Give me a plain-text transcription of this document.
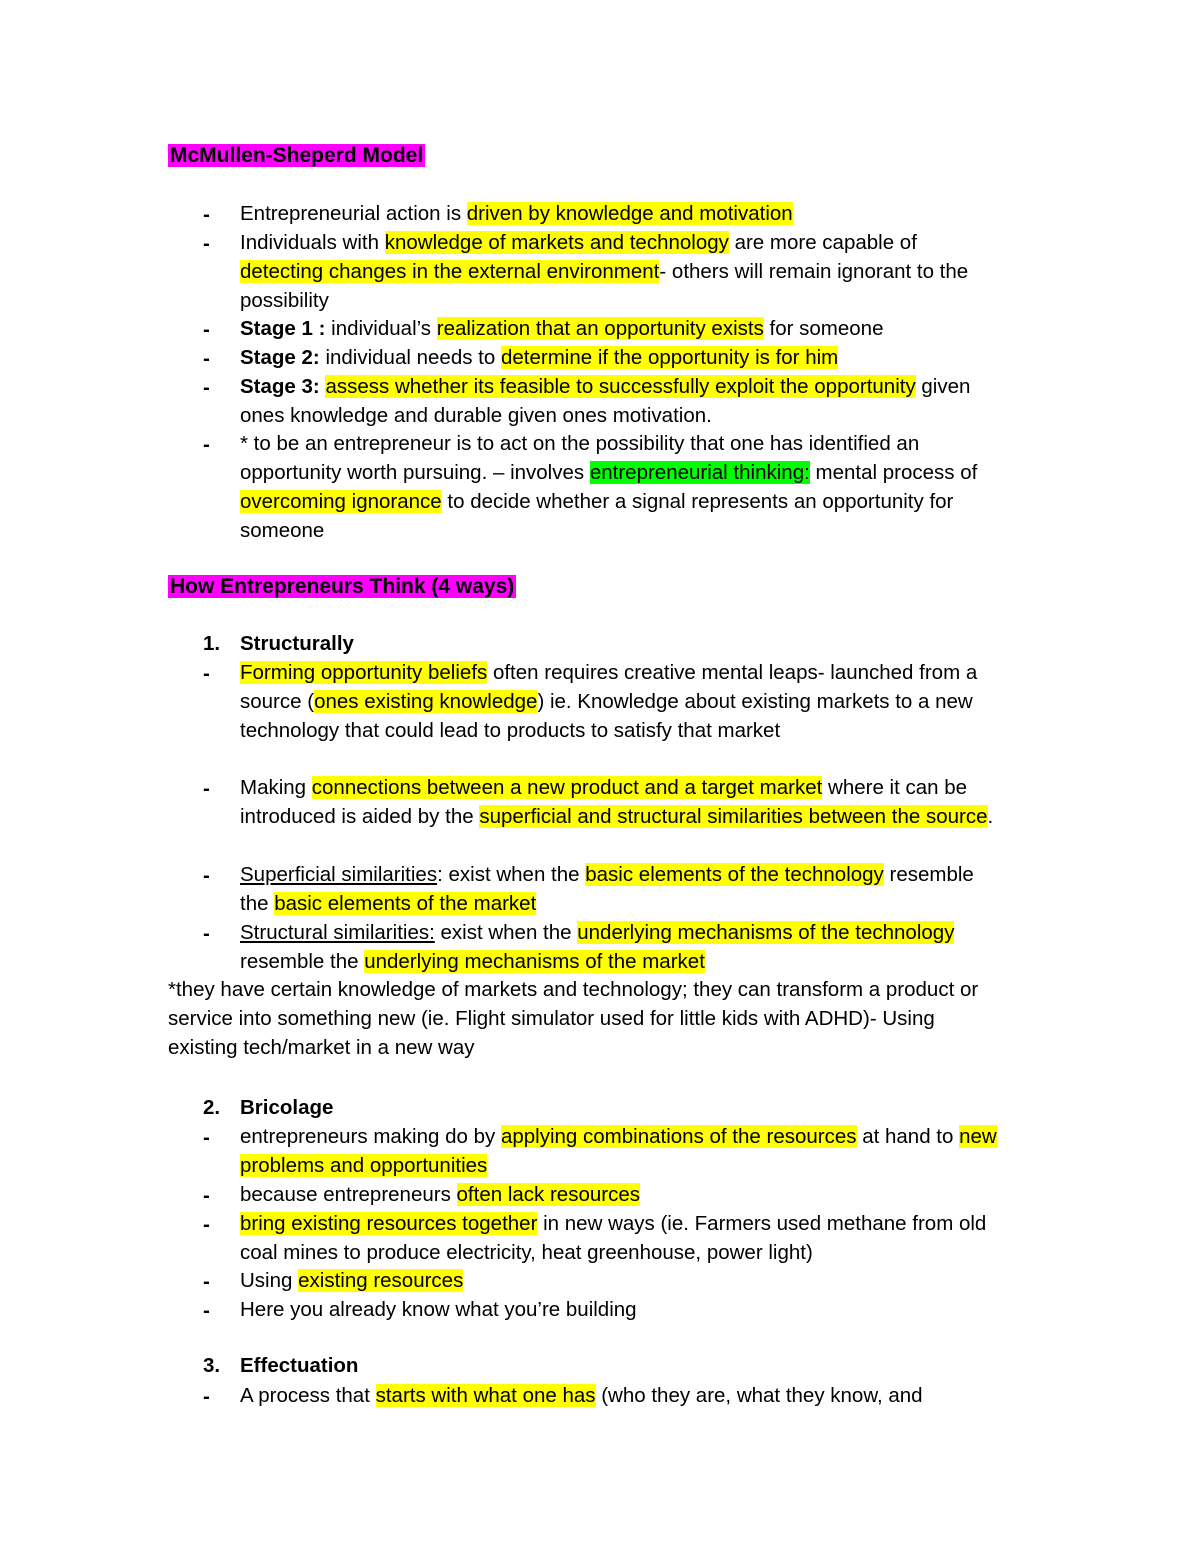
McMullen-Sheperd Model
-	Entrepreneurial action is driven by knowledge and motivation
-	Individuals with knowledge of markets and technology are more capable of detecting changes in the external environment- others will remain ignorant to the possibility
-	Stage 1 : individual’s realization that an opportunity exists for someone
-	Stage 2: individual needs to determine if the opportunity is for him
-	Stage 3: assess whether its feasible to successfully exploit the opportunity given ones knowledge and durable given ones motivation.
-	* to be an entrepreneur is to act on the possibility that one has identified an opportunity worth pursuing. – involves entrepreneurial thinking: mental process of overcoming ignorance to decide whether a signal represents an opportunity for someone
How Entrepreneurs Think (4 ways)
1. Structurally
-	Forming opportunity beliefs often requires creative mental leaps- launched from a source (ones existing knowledge) ie. Knowledge about existing markets to a new technology that could lead to products to satisfy that market
-	Making connections between a new product and a target market where it can be introduced is aided by the superficial and structural similarities between the source.
-	Superficial similarities: exist when the basic elements of the technology resemble the basic elements of the market
-	Structural similarities: exist when the underlying mechanisms of the technology resemble the underlying mechanisms of the market
*they have certain knowledge of markets and technology; they can transform a product or service into something new (ie. Flight simulator used for little kids with ADHD)- Using existing tech/market in a new way
2. Bricolage
-	entrepreneurs making do by applying combinations of the resources at hand to new problems and opportunities
-	because entrepreneurs often lack resources
-	bring existing resources together in new ways (ie. Farmers used methane from old coal mines to produce electricity, heat greenhouse, power light)
-	Using existing resources
-	Here you already know what you’re building
3. Effectuation
-	A process that starts with what one has (who they are, what they know, and
